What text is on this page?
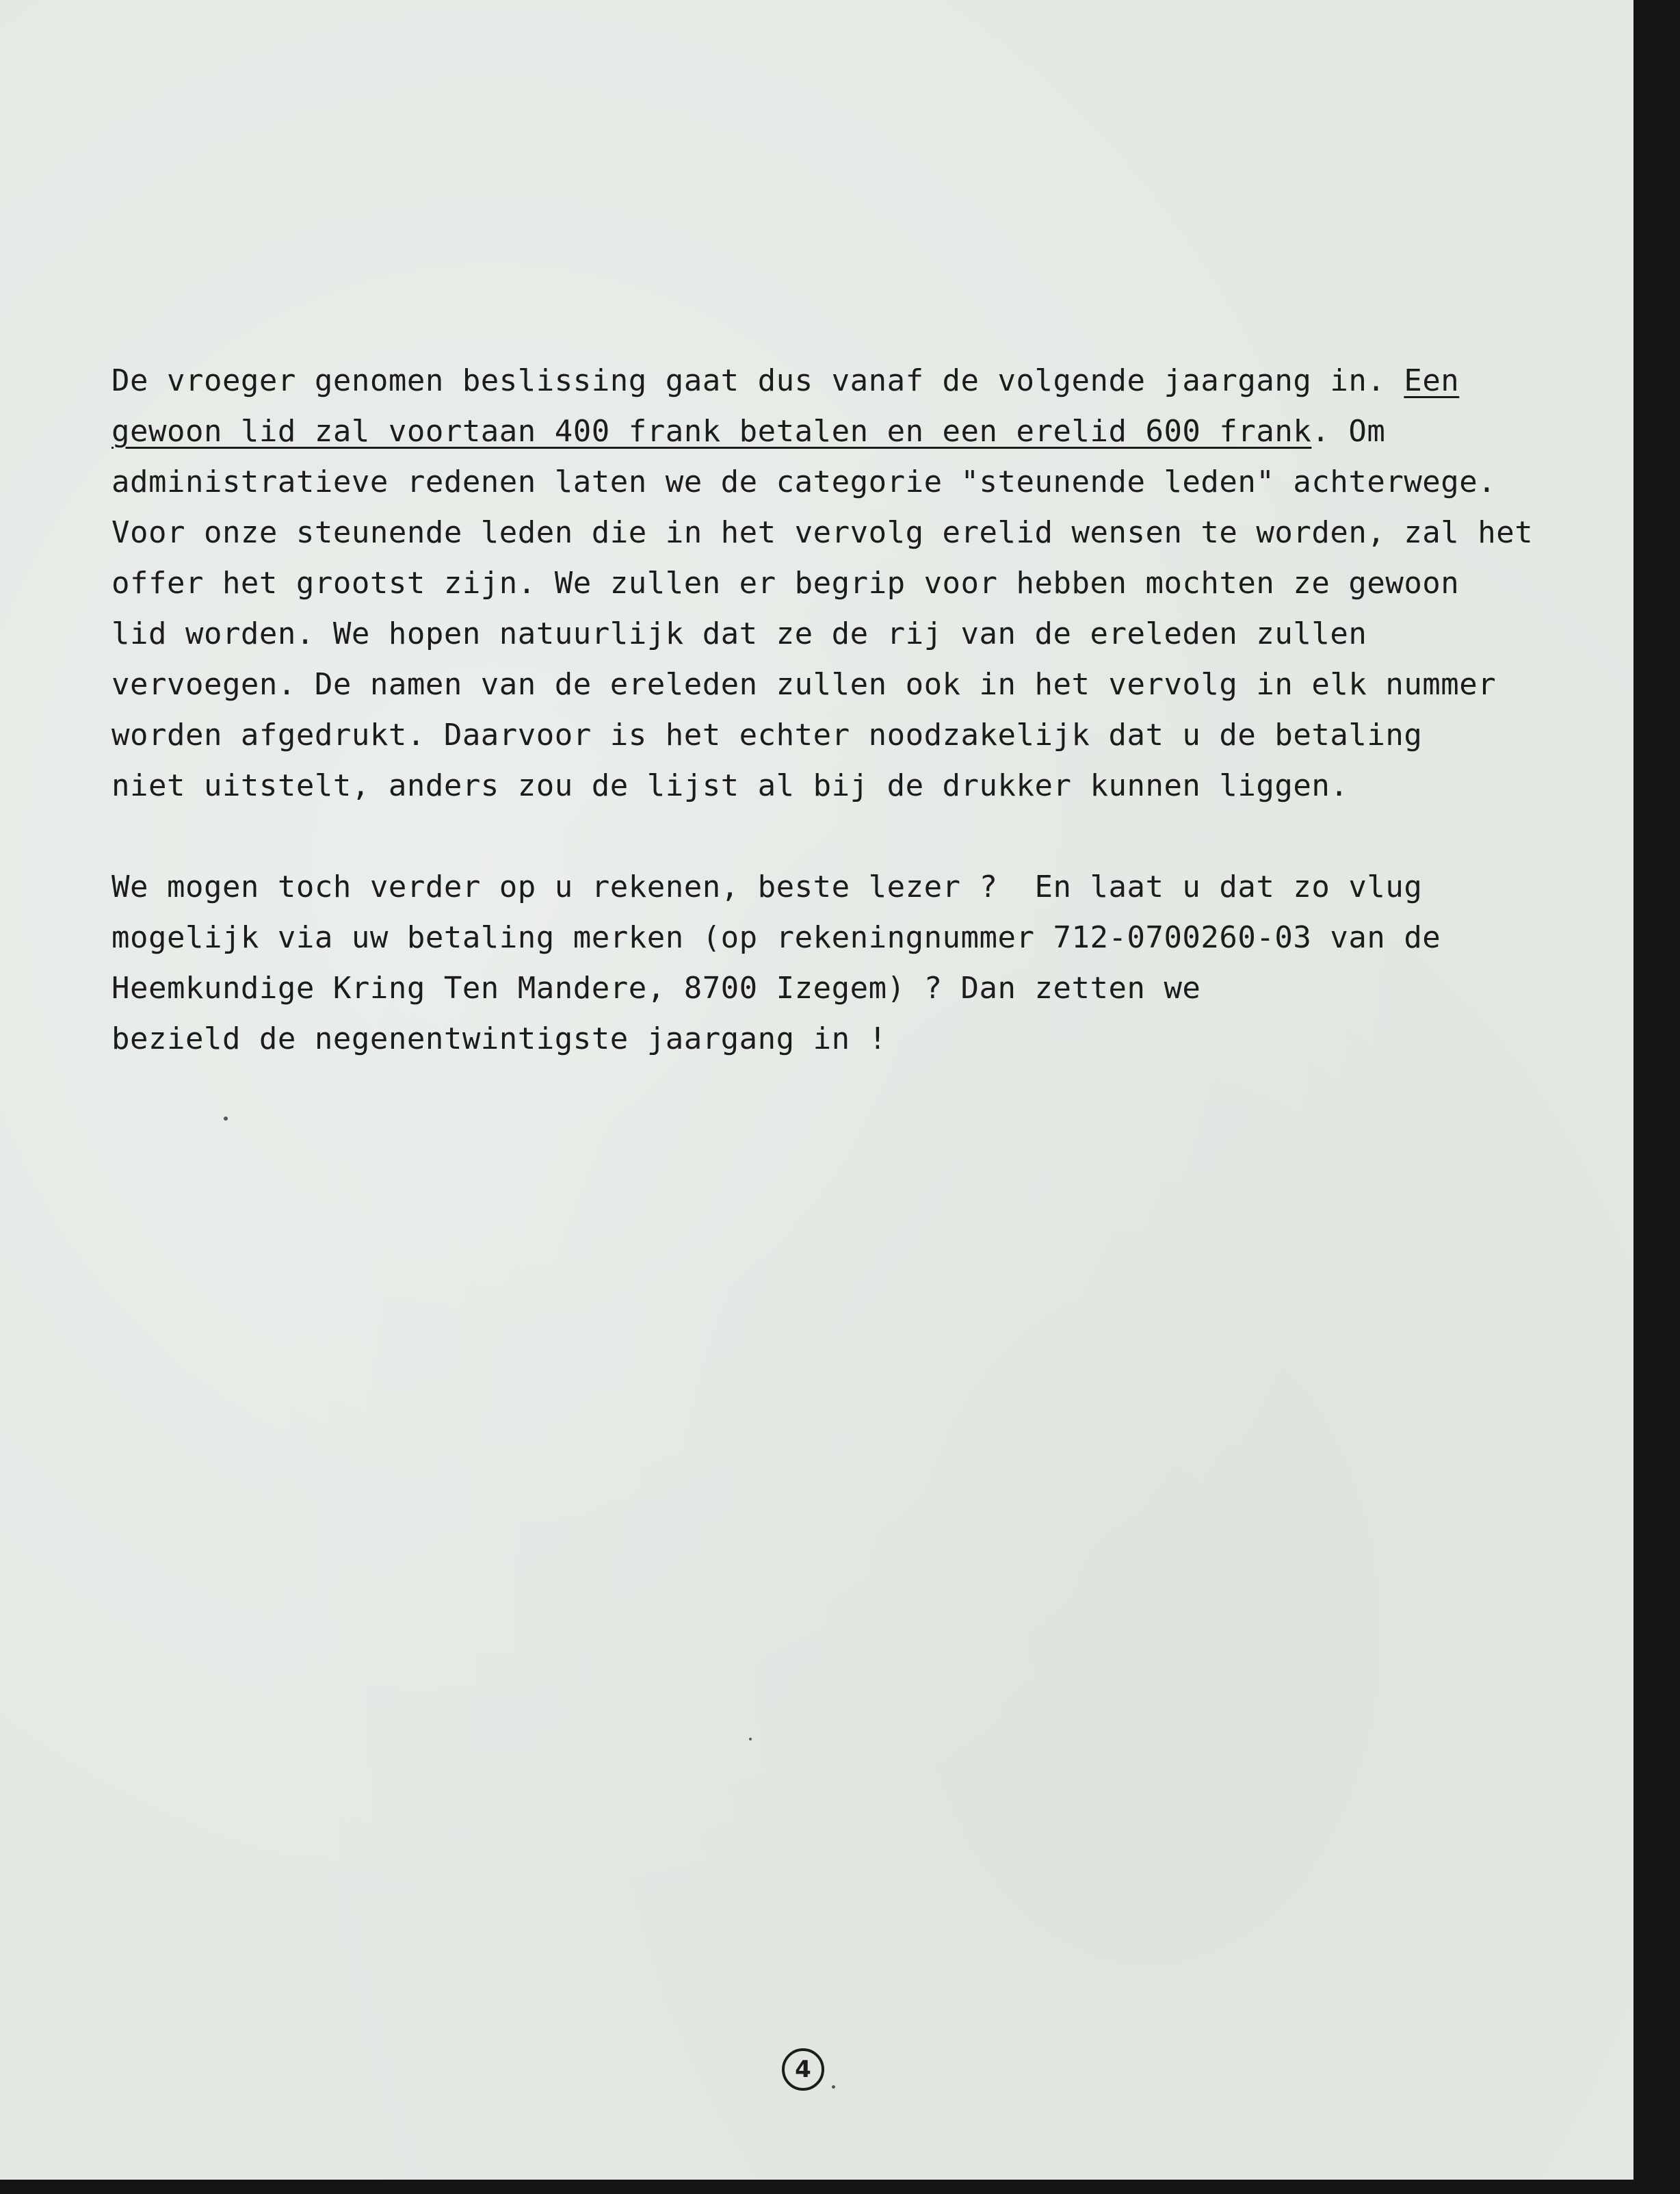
De vroeger genomen beslissing gaat dus vanaf de volgende jaargang in. Een
gewoon lid zal voortaan 400 frank betalen en een erelid 600 frank. Om
administratieve redenen laten we de categorie "steunende leden" achterwege.
Voor onze steunende leden die in het vervolg erelid wensen te worden, zal het
offer het grootst zijn. We zullen er begrip voor hebben mochten ze gewoon
lid worden. We hopen natuurlijk dat ze de rij van de ereleden zullen
vervoegen. De namen van de ereleden zullen ook in het vervolg in elk nummer
worden afgedrukt. Daarvoor is het echter noodzakelijk dat u de betaling
niet uitstelt, anders zou de lijst al bij de drukker kunnen liggen.

We mogen toch verder op u rekenen, beste lezer ?  En laat u dat zo vlug
mogelijk via uw betaling merken (op rekeningnummer 712-0700260-03 van de
Heemkundige Kring Ten Mandere, 8700 Izegem) ? Dan zetten we
bezield de negenentwintigste jaargang in !

4
